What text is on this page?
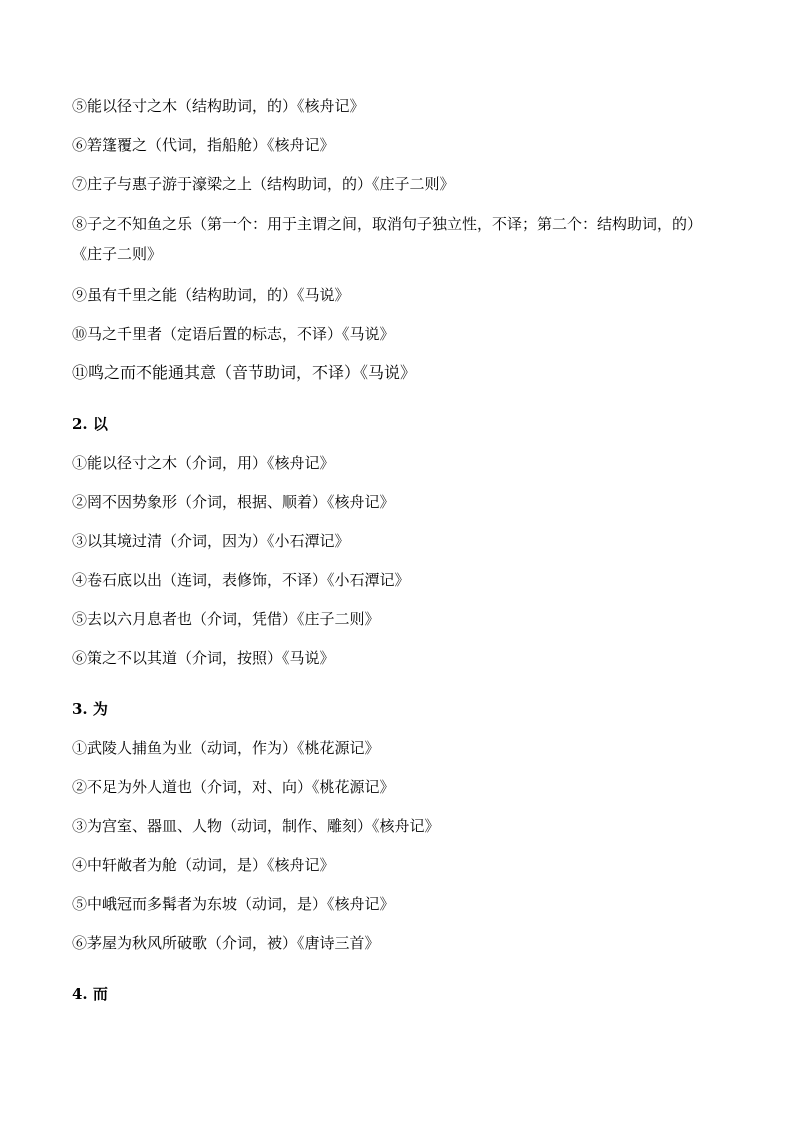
⑤能以径寸之木（结构助词，的）《核舟记》
⑥箬篷覆之（代词，指船舱）《核舟记》
⑦庄子与惠子游于濠梁之上（结构助词，的）《庄子二则》
⑧子之不知鱼之乐（第一个：用于主谓之间，取消句子独立性，不译；第二个：结构助词，的）《庄子二则》
⑨虽有千里之能（结构助词，的）《马说》
⑩马之千里者（定语后置的标志，不译）《马说》
⑪鸣之而不能通其意（音节助词，不译）《马说》
2. 以
①能以径寸之木（介词，用）《核舟记》
②罔不因势象形（介词，根据、顺着）《核舟记》
③以其境过清（介词，因为）《小石潭记》
④卷石底以出（连词，表修饰，不译）《小石潭记》
⑤去以六月息者也（介词，凭借）《庄子二则》
⑥策之不以其道（介词，按照）《马说》
3. 为
①武陵人捕鱼为业（动词，作为）《桃花源记》
②不足为外人道也（介词，对、向）《桃花源记》
③为宫室、器皿、人物（动词，制作、雕刻）《核舟记》
④中轩敞者为舱（动词，是）《核舟记》
⑤中峨冠而多髯者为东坡（动词，是）《核舟记》
⑥茅屋为秋风所破歌（介词，被）《唐诗三首》
4. 而
